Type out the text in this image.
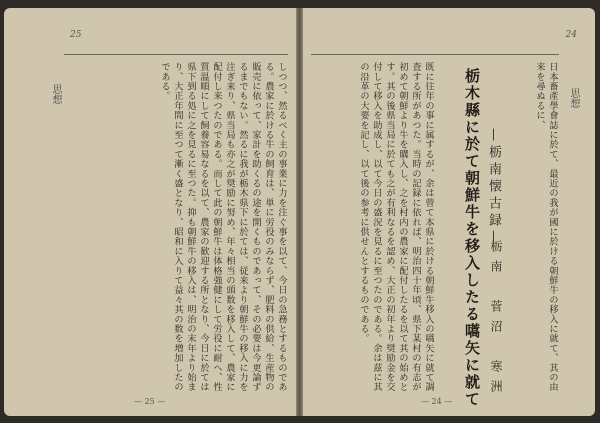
25
思想	しつつ、然るべく主の事業に力を注ぐ事を以て、今日の急務とするものである。農家に於ける牛の飼育は、単に労役のみならず、肥料の供給、生産物の販売に依って、家計を助くるの途を開くものであって、その必要は今更論ずるまでもない。然るに我が栃木県下に於ては、従来より朝鮮牛の移入に力を注ぎ来り、県当局も亦之が奨励に努め、年々相当の頭数を移入して、農家に配付し来つたのである。而して此の朝鮮牛は体格強健にして労役に耐へ、性質温順にして飼養容易なるを以て、農家の歓迎する所となり、今日に於ては県下到る処に之を見るに至つた。抑も朝鮮牛の移入は、明治の末年より始まり、大正年間に至つて漸く盛となり、昭和に入りて益々其の数を増加したのである。
— 25 —
24
思想
日本畜產學會誌に於て、最近の我が國に於ける朝鮮牛の移入に就て、其の由来を尋ぬるに、
栃木縣に於て朝鮮牛を移入したる嚆矢に就て —栃南懐古録—
栃南　菅沼　寒洲
既に往年の事に属するが、余は曾て本県に於ける朝鮮牛移入の嚆矢に就て調査する所があつた。当時の記録に依れば、明治四十年頃、県下某村の有志が初めて朝鮮より牛を購入し、之を村内の農家に配付したるを以て其の始めとす。其の後県当局に於ても之が有利なるを認め、大正の初年より奨励金を交付して移入を助成し、以て今日の盛況を見るに至つたのである。余は茲に其の沿革の大要を記し、以て後の参考に供せんとするものである。
— 24 —
